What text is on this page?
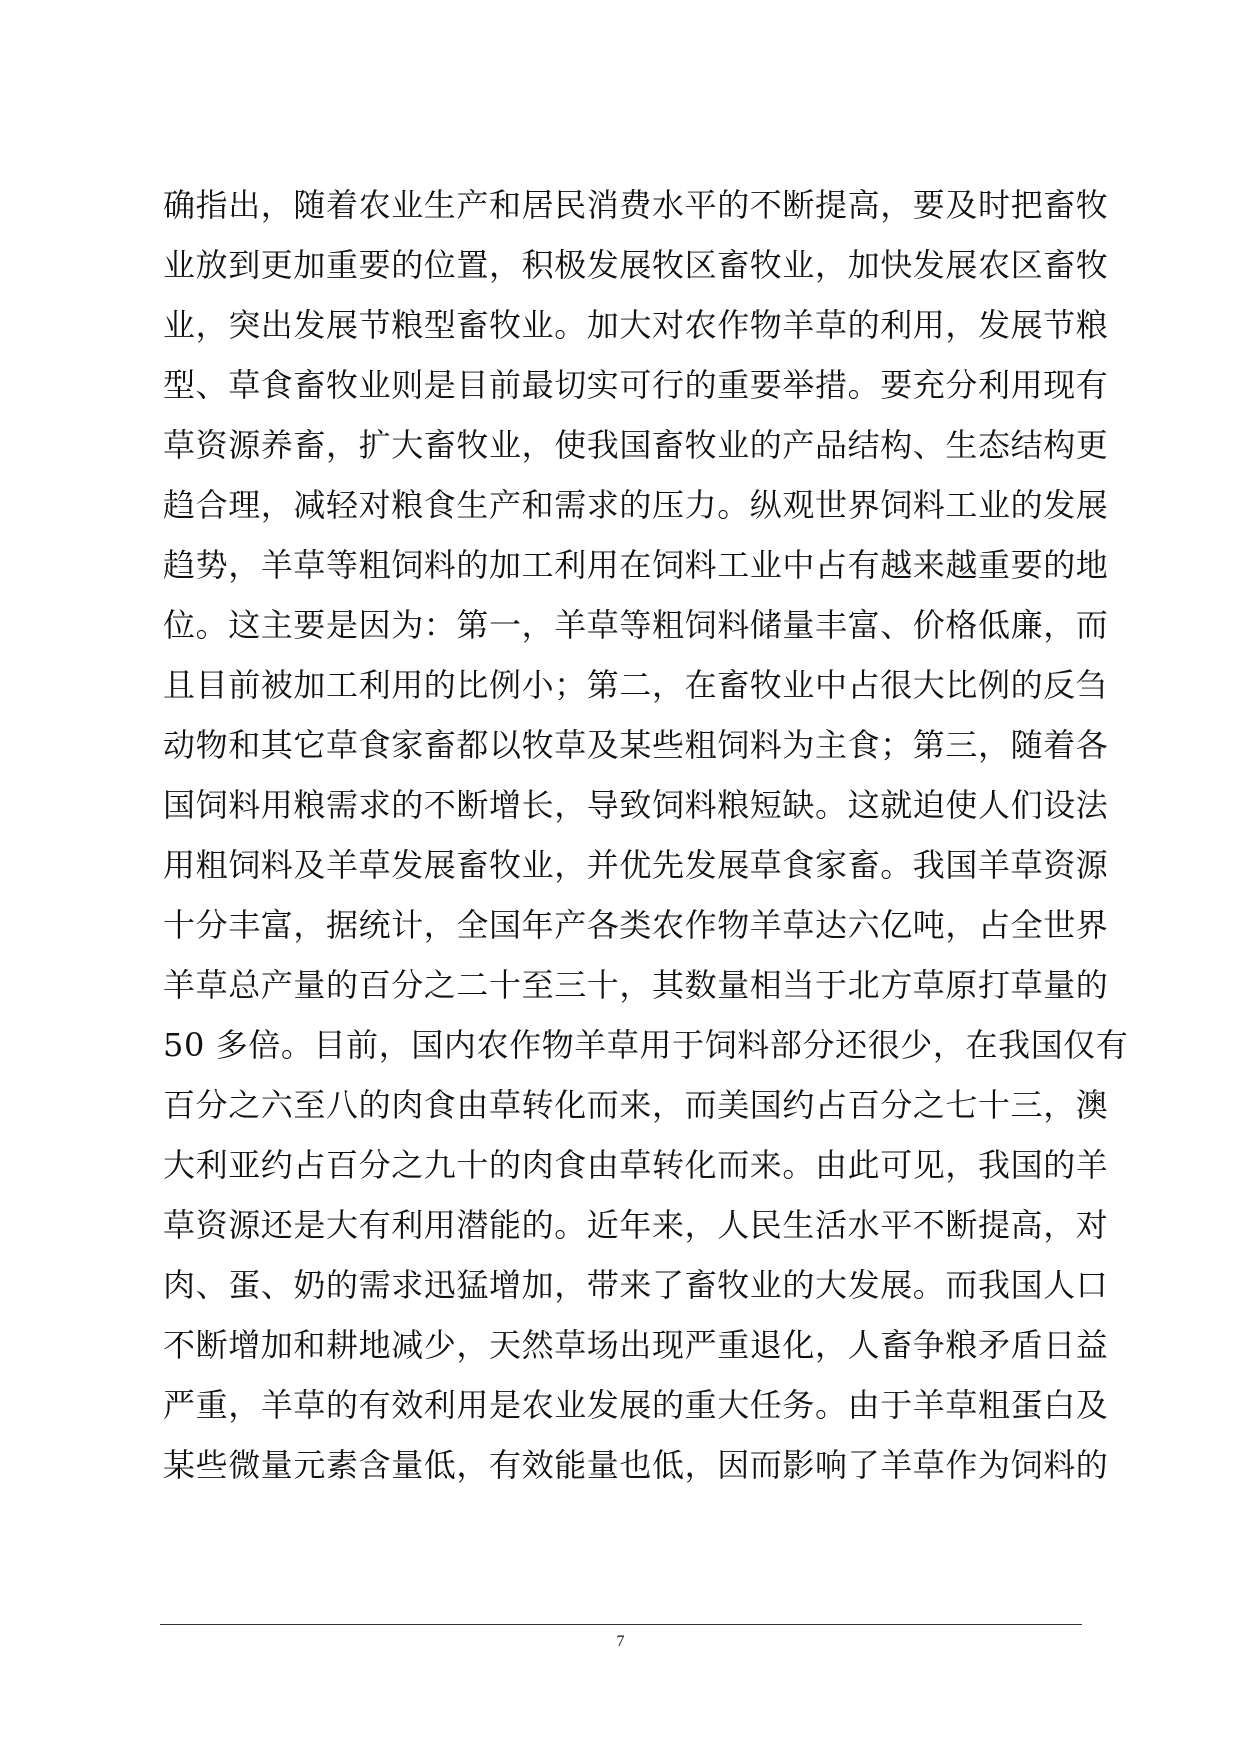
确指出，随着农业生产和居民消费水平的不断提高，要及时把畜牧
业放到更加重要的位置，积极发展牧区畜牧业，加快发展农区畜牧
业，突出发展节粮型畜牧业。加大对农作物羊草的利用，发展节粮
型、草食畜牧业则是目前最切实可行的重要举措。要充分利用现有
草资源养畜，扩大畜牧业，使我国畜牧业的产品结构、生态结构更
趋合理，减轻对粮食生产和需求的压力。纵观世界饲料工业的发展
趋势，羊草等粗饲料的加工利用在饲料工业中占有越来越重要的地
位。这主要是因为：第一，羊草等粗饲料储量丰富、价格低廉，而
且目前被加工利用的比例小；第二，在畜牧业中占很大比例的反刍
动物和其它草食家畜都以牧草及某些粗饲料为主食；第三，随着各
国饲料用粮需求的不断增长，导致饲料粮短缺。这就迫使人们设法
用粗饲料及羊草发展畜牧业，并优先发展草食家畜。我国羊草资源
十分丰富，据统计，全国年产各类农作物羊草达六亿吨，占全世界
羊草总产量的百分之二十至三十，其数量相当于北方草原打草量的
50 多倍。目前，国内农作物羊草用于饲料部分还很少，在我国仅有
百分之六至八的肉食由草转化而来，而美国约占百分之七十三，澳
大利亚约占百分之九十的肉食由草转化而来。由此可见，我国的羊
草资源还是大有利用潜能的。近年来，人民生活水平不断提高，对
肉、蛋、奶的需求迅猛增加，带来了畜牧业的大发展。而我国人口
不断增加和耕地减少，天然草场出现严重退化，人畜争粮矛盾日益
严重，羊草的有效利用是农业发展的重大任务。由于羊草粗蛋白及
某些微量元素含量低，有效能量也低，因而影响了羊草作为饲料的
7
